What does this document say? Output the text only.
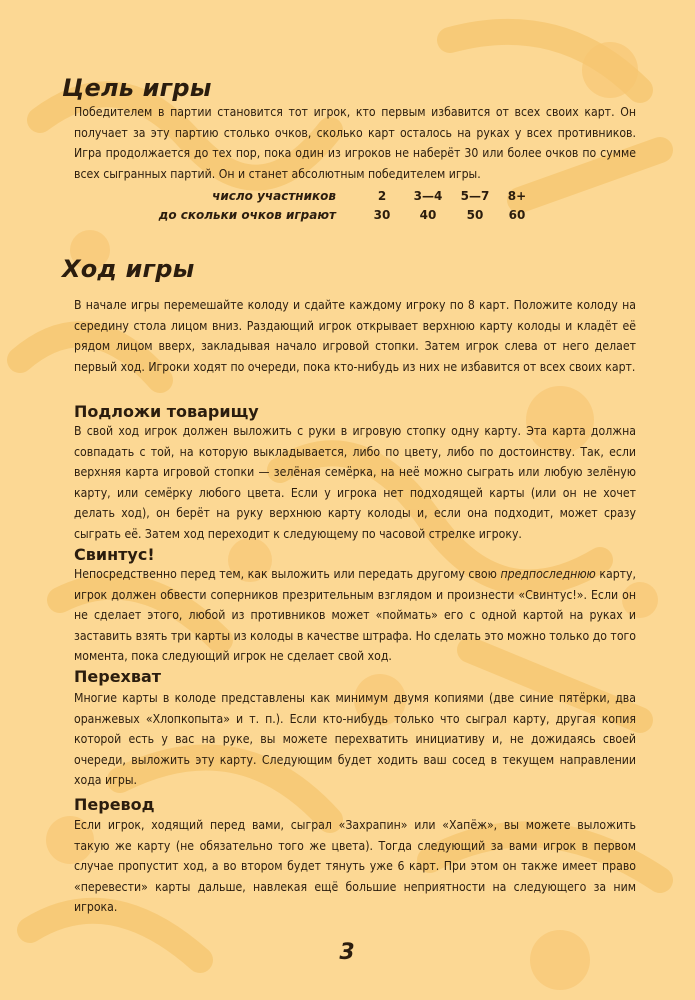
Цель игры

Победителем в партии становится тот игрок, кто первым избавится от всех своих карт. Он получает за эту партию столько очков, сколько карт осталось на руках у всех противников. Игра продолжается до тех пор, пока один из игроков не наберёт 30 или более очков по сумме всех сыгранных партий. Он и станет абсолютным победителем игры.

число участников	2	3—4	5—7	8+
до скольки очков играют	30	40	50	60
Ход игры

В начале игры перемешайте колоду и сдайте каждому игроку по 8 карт. Положите колоду на середину стола лицом вниз. Раздающий игрок открывает верхнюю карту колоды и кладёт её рядом лицом вверх, закладывая начало игровой стопки. Затем игрок слева от него делает первый ход. Игроки ходят по очереди, пока кто-нибудь из них не избавится от всех своих карт.

Подложи товарищу

В свой ход игрок должен выложить с руки в игровую стопку одну карту. Эта карта должна совпадать с той, на которую выкладывается, либо по цвету, либо по достоинству. Так, если верхняя карта игровой стопки — зелёная семёрка, на неё можно сыграть или любую зелёную карту, или семёрку любого цвета. Если у игрока нет подходящей карты (или он не хочет делать ход), он берёт на руку верхнюю карту колоды и, если она подходит, может сразу сыграть её. Затем ход переходит к следующему по часовой стрелке игроку.

Свинтус!

Непосредственно перед тем, как выложить или передать другому свою предпоследнюю карту, игрок должен обвести соперников презрительным взглядом и произнести «Свинтус!». Если он не сделает этого, любой из противников может «поймать» его с одной картой на руках и заставить взять три карты из колоды в качестве штрафа. Но сделать это можно только до того момента, пока следующий игрок не сделает свой ход.

Перехват

Многие карты в колоде представлены как минимум двумя копиями (две синие пятёрки, два оранжевых «Хлопкопыта» и т. п.). Если кто-нибудь только что сыграл карту, другая копия которой есть у вас на руке, вы можете перехватить инициативу и, не дожидаясь своей очереди, выложить эту карту. Следующим будет ходить ваш сосед в текущем направлении хода игры.

Перевод

Если игрок, ходящий перед вами, сыграл «Захрапин» или «Хапёж», вы можете выложить такую же карту (не обязательно того же цвета). Тогда следующий за вами игрок в первом случае пропустит ход, а во втором будет тянуть уже 6 карт. При этом он также имеет право «перевести» карты дальше, навлекая ещё большие неприятности на следующего за ним игрока.

3
